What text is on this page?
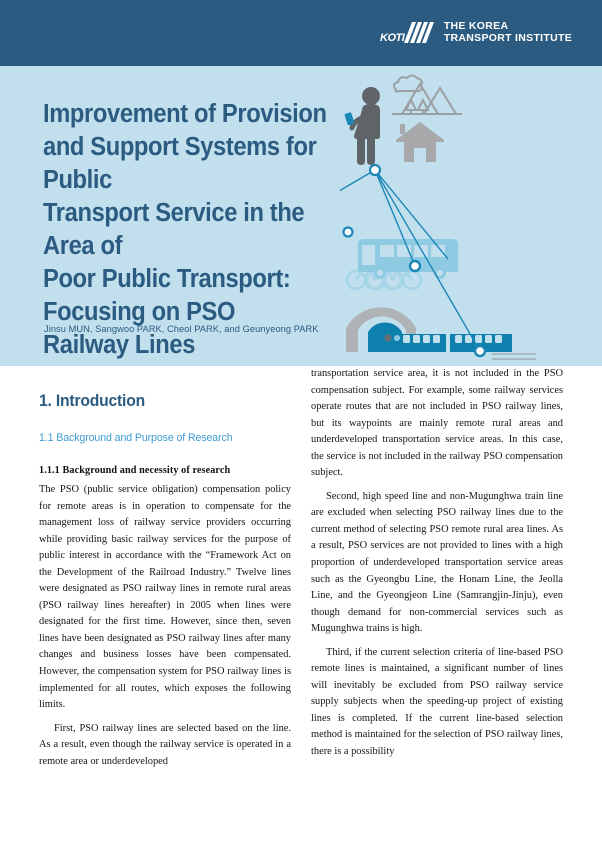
KOTI
THE KOREA
TRANSPORT INSTITUTE
Improvement of Provision
and Support Systems for Public
Transport Service in the Area of
Poor Public Transport:
Focusing on PSO
Railway Lines
Jinsu MUN, Sangwoo PARK, Cheol PARK, and Geunyeong PARK
1. Introduction
1.1 Background and Purpose of Research
1.1.1 Background and necessity of research

The PSO (public service obligation) compensation policy for remote areas is in operation to compensate for the management loss of railway service providers occurring while providing basic railway services for the purpose of public interest in accordance with the “Framework Act on the Development of the Railroad Industry.” Twelve lines were designated as PSO railway lines in remote rural areas (PSO railway lines hereafter) in 2005 when lines were designated for the first time. However, since then, seven lines have been designated as PSO railway lines after many changes and business losses have been compensated. However, the compensation system for PSO railway lines is implemented for all routes, which exposes the following limits.

First, PSO railway lines are selected based on the line. As a result, even though the railway service is operated in a remote area or underdeveloped

transportation service area, it is not included in the PSO compensation subject. For example, some railway services operate routes that are not included in PSO railway lines, but its waypoints are mainly remote rural areas and underdeveloped transportation service areas. In this case, the service is not included in the railway PSO compensation subject.

Second, high speed line and non-Mugunghwa train line are excluded when selecting PSO railway lines due to the current method of selecting PSO remote rural area lines. As a result, PSO services are not provided to lines with a high proportion of underdeveloped transportation service areas such as the Gyeongbu Line, the Honam Line, the Jeolla Line, and the Gyeongjeon Line (Samrangjin-Jinju), even though demand for non-commercial services such as Mugunghwa trains is high.

Third, if the current selection criteria of line-based PSO remote lines is maintained, a significant number of lines will inevitably be excluded from PSO railway service supply subjects when the speeding-up project of existing lines is completed. If the current line-based selection method is maintained for the selection of PSO railway lines, there is a possibility
